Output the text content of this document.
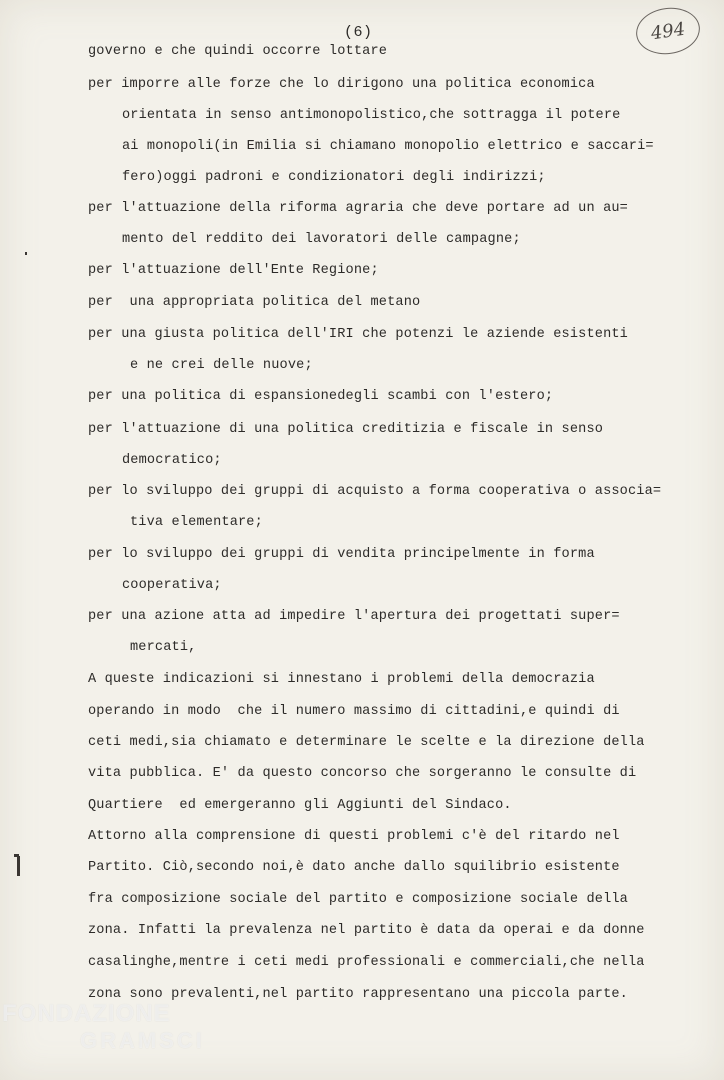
(6)	494
governo e che quindi occorre lottare
per imporre alle forze che lo dirigono una politica economica
orientata in senso antimonopolistico,che sottragga il potere
ai monopoli(in Emilia si chiamano monopolio elettrico e saccari=
fero)oggi padroni e condizionatori degli indirizzi;
per l'attuazione della riforma agraria che deve portare ad un au=
mento del reddito dei lavoratori delle campagne;
per l'attuazione dell'Ente Regione;
per  una appropriata politica del metano
per una giusta politica dell'IRI che potenzi le aziende esistenti
e ne crei delle nuove;
per una politica di espansionedegli scambi con l'estero;
per l'attuazione di una politica creditizia e fiscale in senso
democratico;
per lo sviluppo dei gruppi di acquisto a forma cooperativa o associa=
tiva elementare;
per lo sviluppo dei gruppi di vendita principelmente in forma
cooperativa;
per una azione atta ad impedire l'apertura dei progettati super=
mercati,
A queste indicazioni si innestano i problemi della democrazia
operando in modo  che il numero massimo di cittadini,e quindi di
ceti medi,sia chiamato e determinare le scelte e la direzione della
vita pubblica. E' da questo concorso che sorgeranno le consulte di
Quartiere  ed emergeranno gli Aggiunti del Sindaco.
Attorno alla comprensione di questi problemi c'è del ritardo nel
Partito. Ciò,secondo noi,è dato anche dallo squilibrio esistente
fra composizione sociale del partito e composizione sociale della
zona. Infatti la prevalenza nel partito è data da operai e da donne
casalinghe,mentre i ceti medi professionali e commerciali,che nella
zona sono prevalenti,nel partito rappresentano una piccola parte.
FONDAZIONE
GRAMSCI
